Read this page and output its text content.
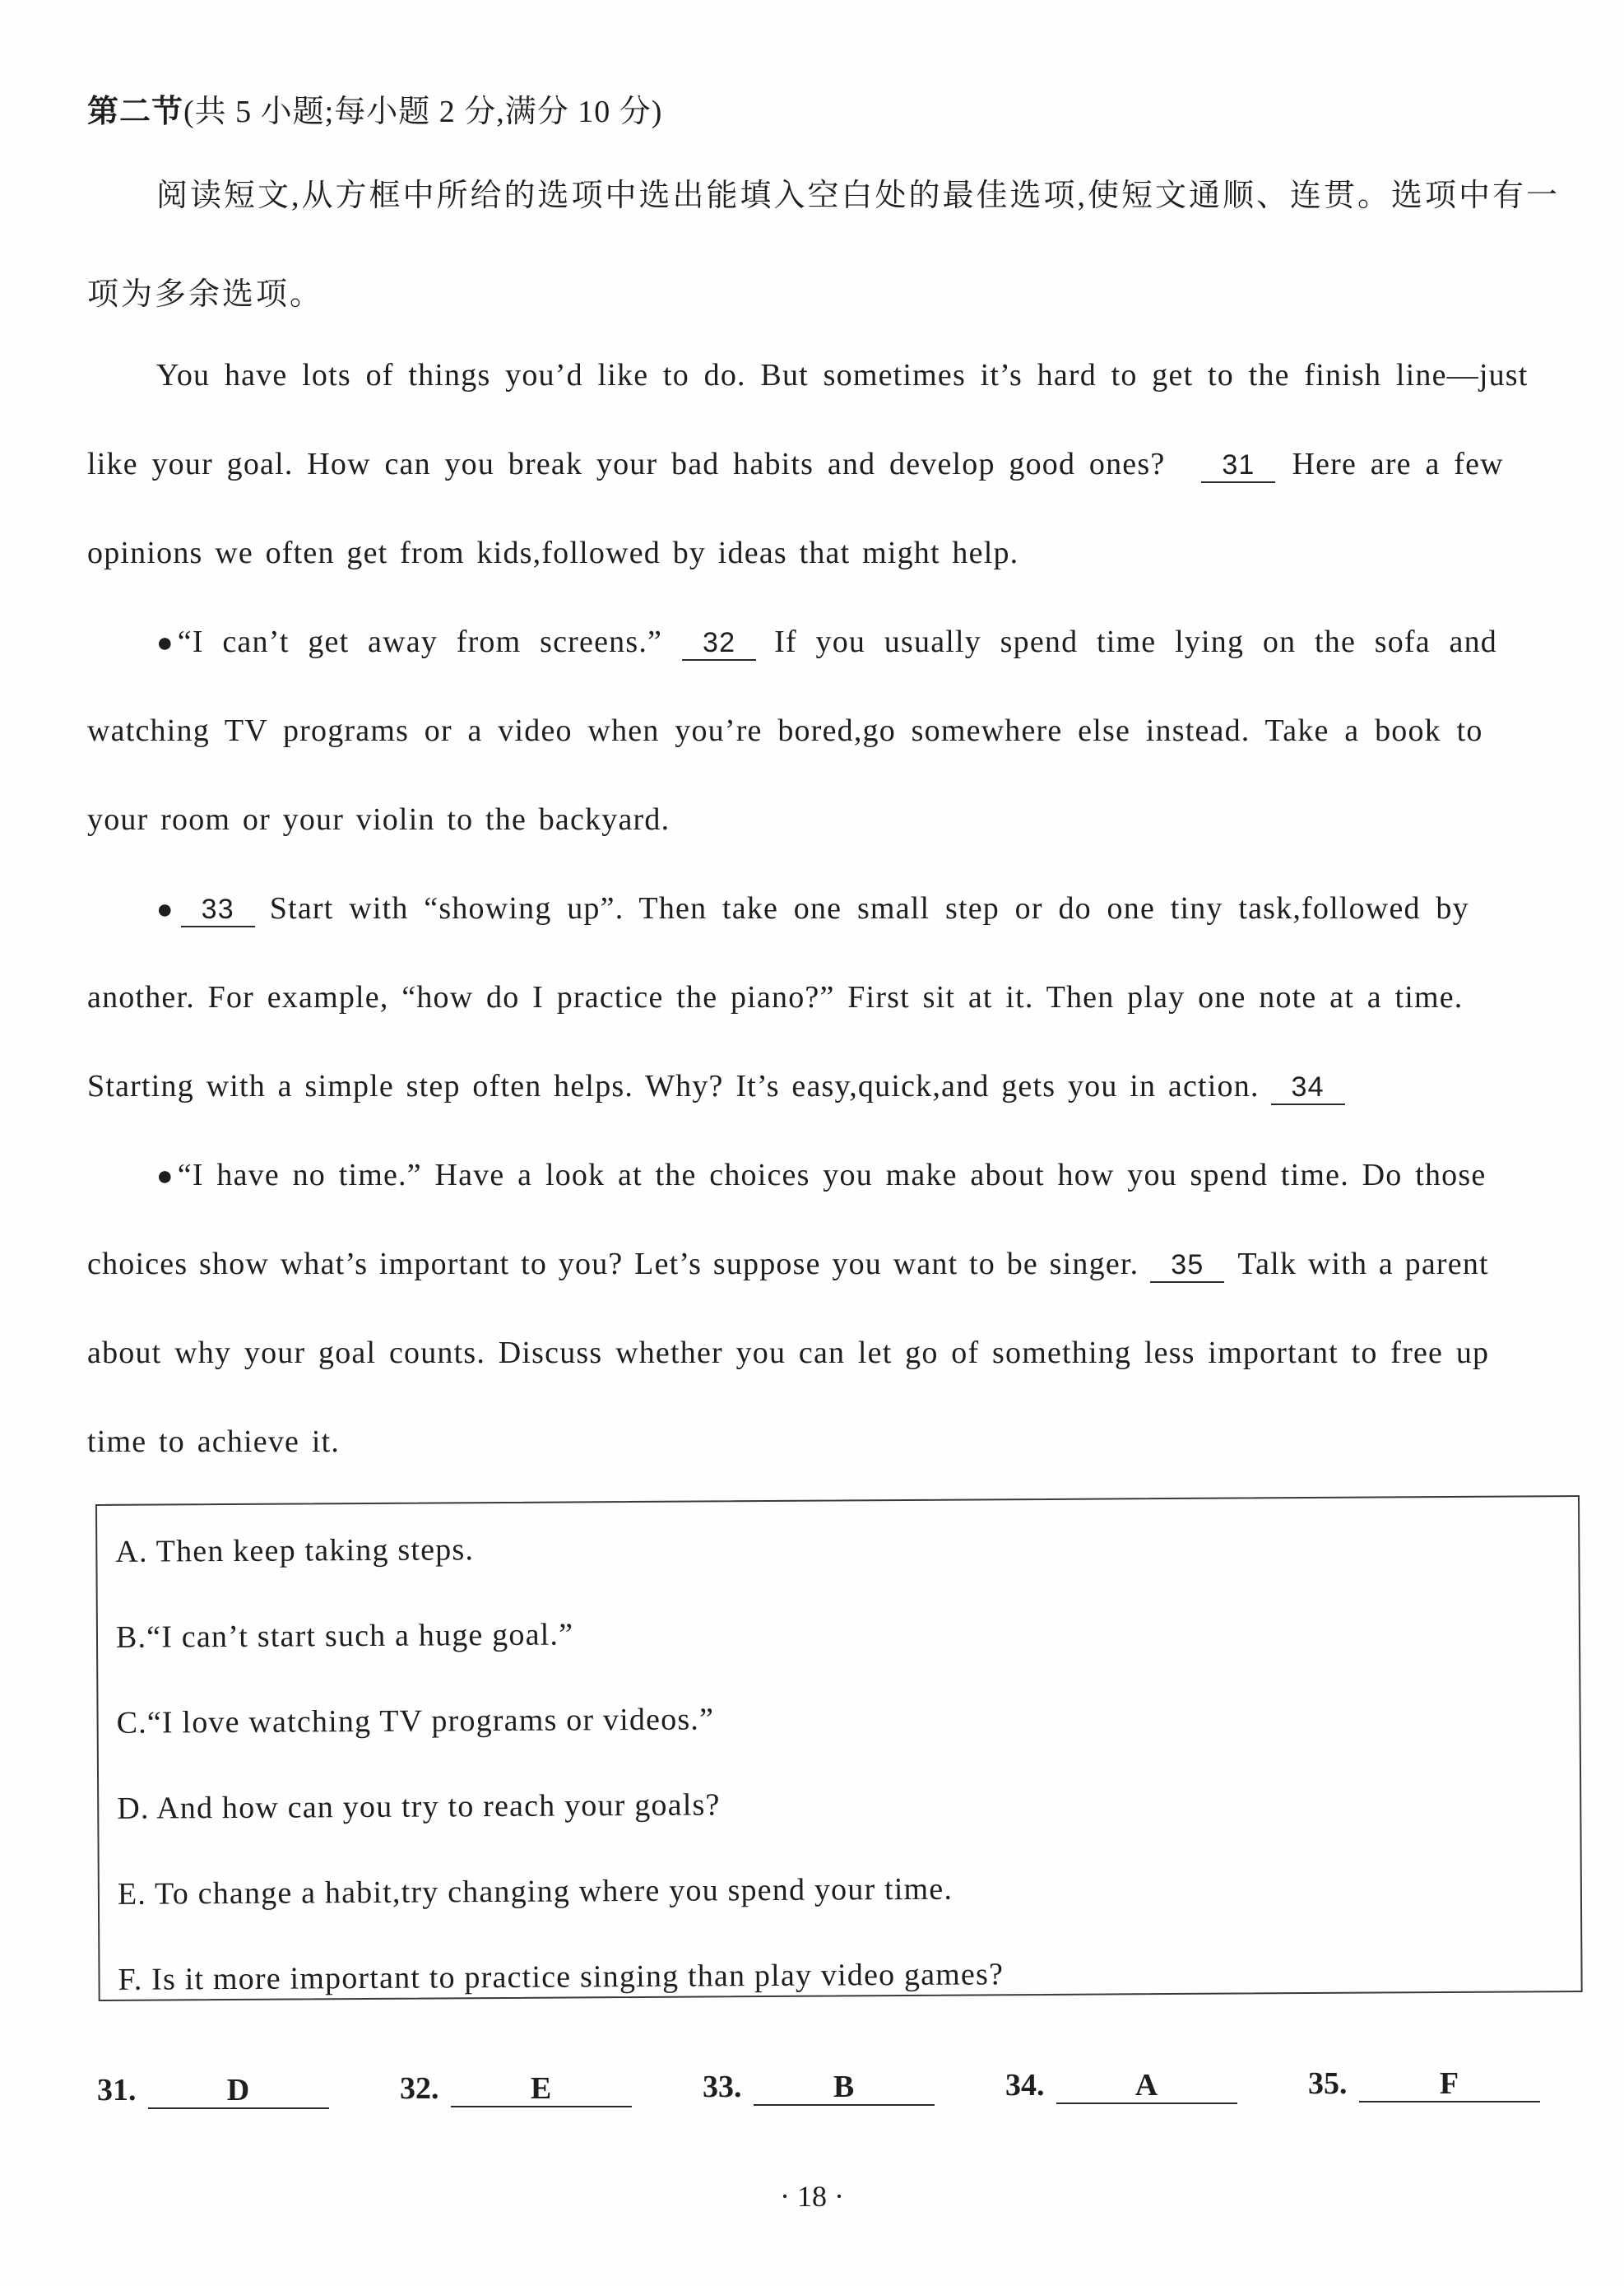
第二节(共 5 小题;每小题 2 分,满分 10 分)
阅读短文,从方框中所给的选项中选出能填入空白处的最佳选项,使短文通顺、连贯。选项中有一
项为多余选项。
You have lots of things you’d like to do. But sometimes it’s hard to get to the finish line—just
like your goal. How can you break your bad habits and develop good ones? 31 Here are a few
opinions we often get from kids,followed by ideas that might help.
● “I can’t get away from screens.” 32 If you usually spend time lying on the sofa and
watching TV programs or a video when you’re bored,go somewhere else instead. Take a book to
your room or your violin to the backyard.
● 33 Start with “showing up”. Then take one small step or do one tiny task,followed by
another. For example, “how do I practice the piano?” First sit at it. Then play one note at a time.
Starting with a simple step often helps. Why? It’s easy,quick,and gets you in action. 34
● “I have no time.” Have a look at the choices you make about how you spend time. Do those
choices show what’s important to you? Let’s suppose you want to be singer. 35 Talk with a parent
about why your goal counts. Discuss whether you can let go of something less important to free up
time to achieve it.
A. Then keep taking steps.
B.“I can’t start such a huge goal.”
C.“I love watching TV programs or videos.”
D. And how can you try to reach your goals?
E. To change a habit,try changing where you spend your time.
F. Is it more important to practice singing than play video games?
31.	D	32.	E	33.	B	34.	A	35.	F
· 18 ·
